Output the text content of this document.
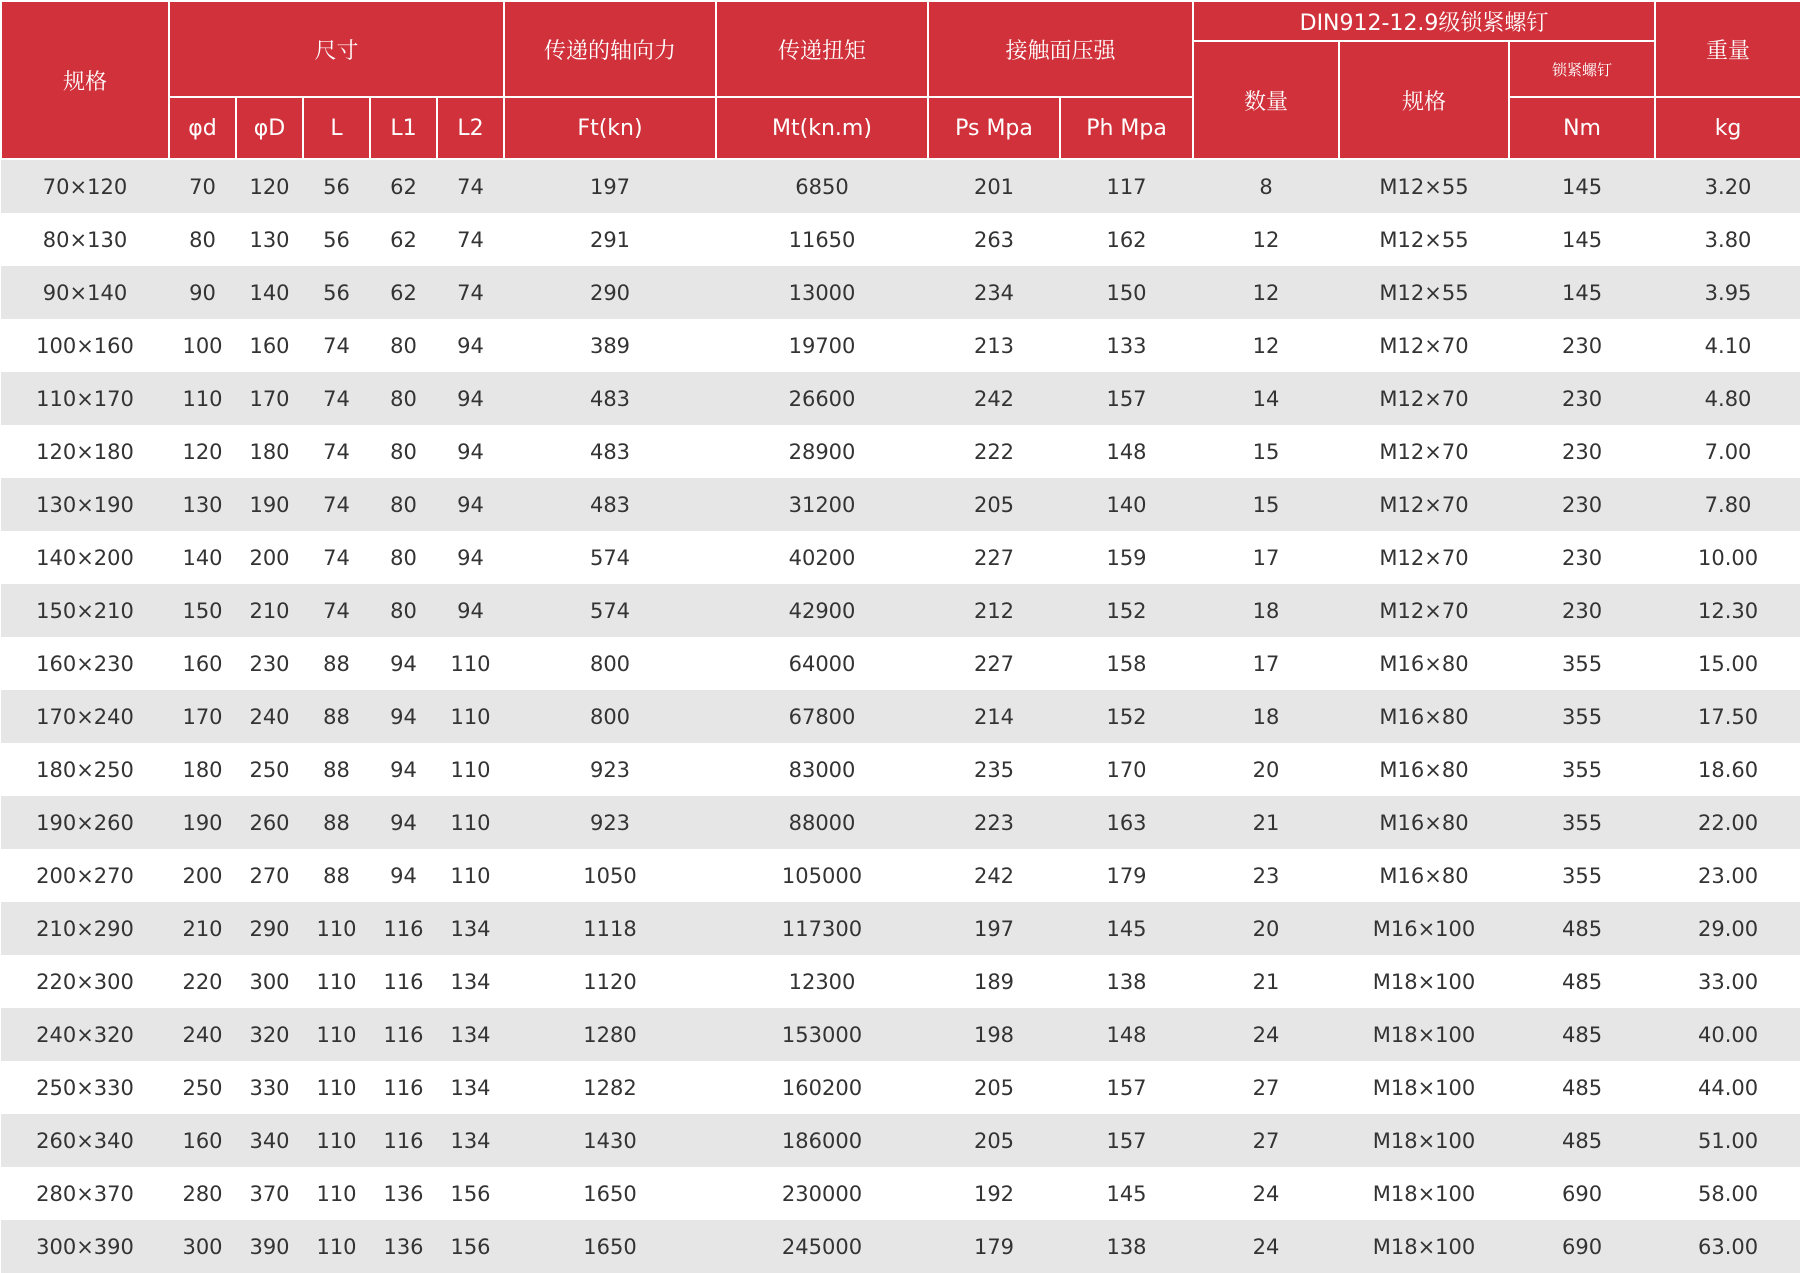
规格	尺寸					传递的轴向力	传递扭矩	接触面压强		DIN912-12.9级锁紧螺钉			重量
										数量	规格	锁紧螺钉	
	φd	φD	L	L1	L2	Ft(kn)	Mt(kn.m)	Ps Mpa	Ph Mpa			Nm	kg
70×120	70	120	56	62	74	197	6850	201	117	8	M12×55	145	3.20
80×130	80	130	56	62	74	291	11650	263	162	12	M12×55	145	3.80
90×140	90	140	56	62	74	290	13000	234	150	12	M12×55	145	3.95
100×160	100	160	74	80	94	389	19700	213	133	12	M12×70	230	4.10
110×170	110	170	74	80	94	483	26600	242	157	14	M12×70	230	4.80
120×180	120	180	74	80	94	483	28900	222	148	15	M12×70	230	7.00
130×190	130	190	74	80	94	483	31200	205	140	15	M12×70	230	7.80
140×200	140	200	74	80	94	574	40200	227	159	17	M12×70	230	10.00
150×210	150	210	74	80	94	574	42900	212	152	18	M12×70	230	12.30
160×230	160	230	88	94	110	800	64000	227	158	17	M16×80	355	15.00
170×240	170	240	88	94	110	800	67800	214	152	18	M16×80	355	17.50
180×250	180	250	88	94	110	923	83000	235	170	20	M16×80	355	18.60
190×260	190	260	88	94	110	923	88000	223	163	21	M16×80	355	22.00
200×270	200	270	88	94	110	1050	105000	242	179	23	M16×80	355	23.00
210×290	210	290	110	116	134	1118	117300	197	145	20	M16×100	485	29.00
220×300	220	300	110	116	134	1120	12300	189	138	21	M18×100	485	33.00
240×320	240	320	110	116	134	1280	153000	198	148	24	M18×100	485	40.00
250×330	250	330	110	116	134	1282	160200	205	157	27	M18×100	485	44.00
260×340	160	340	110	116	134	1430	186000	205	157	27	M18×100	485	51.00
280×370	280	370	110	136	156	1650	230000	192	145	24	M18×100	690	58.00
300×390	300	390	110	136	156	1650	245000	179	138	24	M18×100	690	63.00
